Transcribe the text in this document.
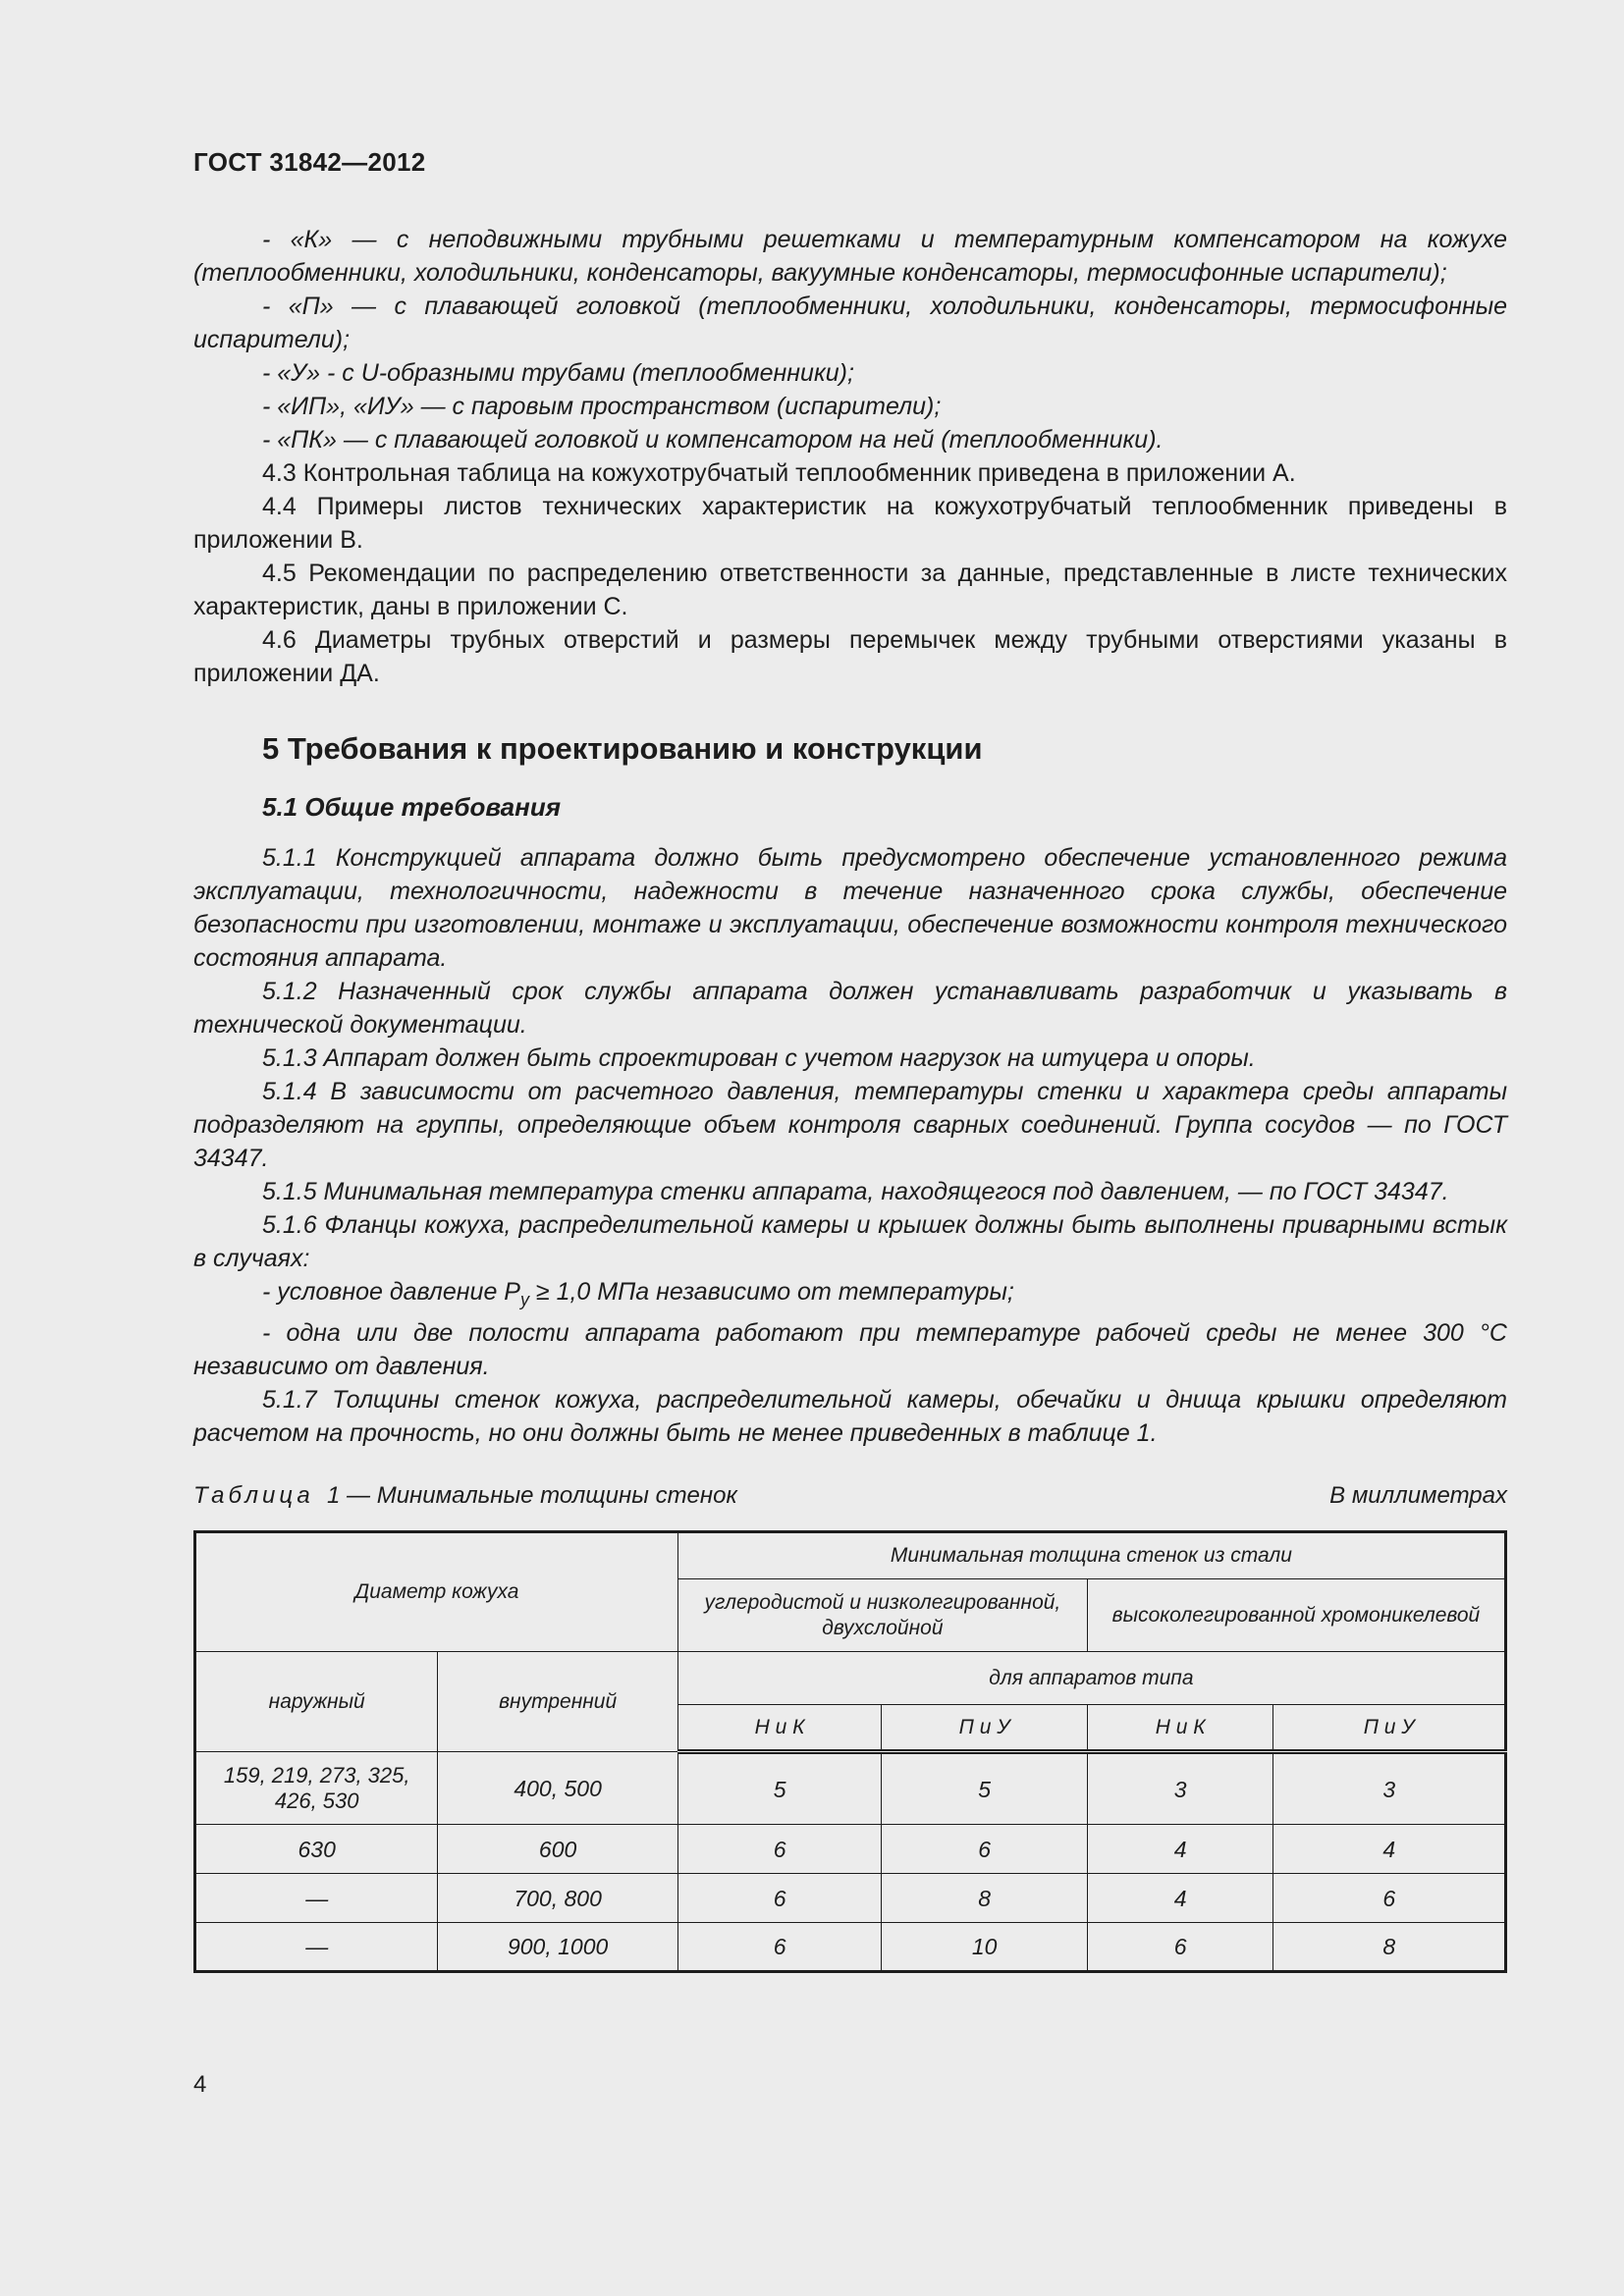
ГОСТ 31842—2012

- «К» — с неподвижными трубными решетками и температурным компенсатором на кожухе (теплообменники, холодильники, конденсаторы, вакуумные конденсаторы, термосифонные испарители);

- «П» — с плавающей головкой (теплообменники, холодильники, конденсаторы, термосифонные испарители);

- «У» - с U-образными трубами (теплообменники);

- «ИП», «ИУ» — с паровым пространством (испарители);

- «ПК» — с плавающей головкой и компенсатором на ней (теплообменники).

4.3 Контрольная таблица на кожухотрубчатый теплообменник приведена в приложении А.

4.4 Примеры листов технических характеристик на кожухотрубчатый теплообменник приведены в приложении В.

4.5 Рекомендации по распределению ответственности за данные, представленные в листе технических характеристик, даны в приложении С.

4.6 Диаметры трубных отверстий и размеры перемычек между трубными отверстиями указаны в приложении ДА.

5 Требования к проектированию и конструкции
5.1 Общие требования

5.1.1 Конструкцией аппарата должно быть предусмотрено обеспечение установленного режима эксплуатации, технологичности, надежности в течение назначенного срока службы, обеспечение безопасности при изготовлении, монтаже и эксплуатации, обеспечение возможности контроля технического состояния аппарата.

5.1.2 Назначенный срок службы аппарата должен устанавливать разработчик и указывать в технической документации.

5.1.3 Аппарат должен быть спроектирован с учетом нагрузок на штуцера и опоры.

5.1.4 В зависимости от расчетного давления, температуры стенки и характера среды аппараты подразделяют на группы, определяющие объем контроля сварных соединений. Группа сосудов — по ГОСТ 34347.

5.1.5 Минимальная температура стенки аппарата, находящегося под давлением, — по ГОСТ 34347.

5.1.6 Фланцы кожуха, распределительной камеры и крышек должны быть выполнены приварными встык в случаях:

- условное давление $P_у \ge 1,0$ МПа независимо от температуры;

- одна или две полости аппарата работают при температуре рабочей среды не менее 300 °С независимо от давления.

5.1.7 Толщины стенок кожуха, распределительной камеры, обечайки и днища крышки определяют расчетом на прочность, но они должны быть не менее приведенных в таблице 1.

Таблица 1 — Минимальные толщины стенок	В миллиметрах
Диаметр кожуха		Минимальная толщина стенок из стали			
		углеродистой и низколегированной, двухслойной		высоколегированной хромоникелевой	
наружный	внутренний	для аппаратов типа			
		Н и К	П и У	Н и К	П и У
159, 219, 273, 325, 426, 530	400, 500	5	5	3	3
630	600	6	6	4	4
—	700, 800	6	8	4	6
—	900, 1000	6	10	6	8
4
